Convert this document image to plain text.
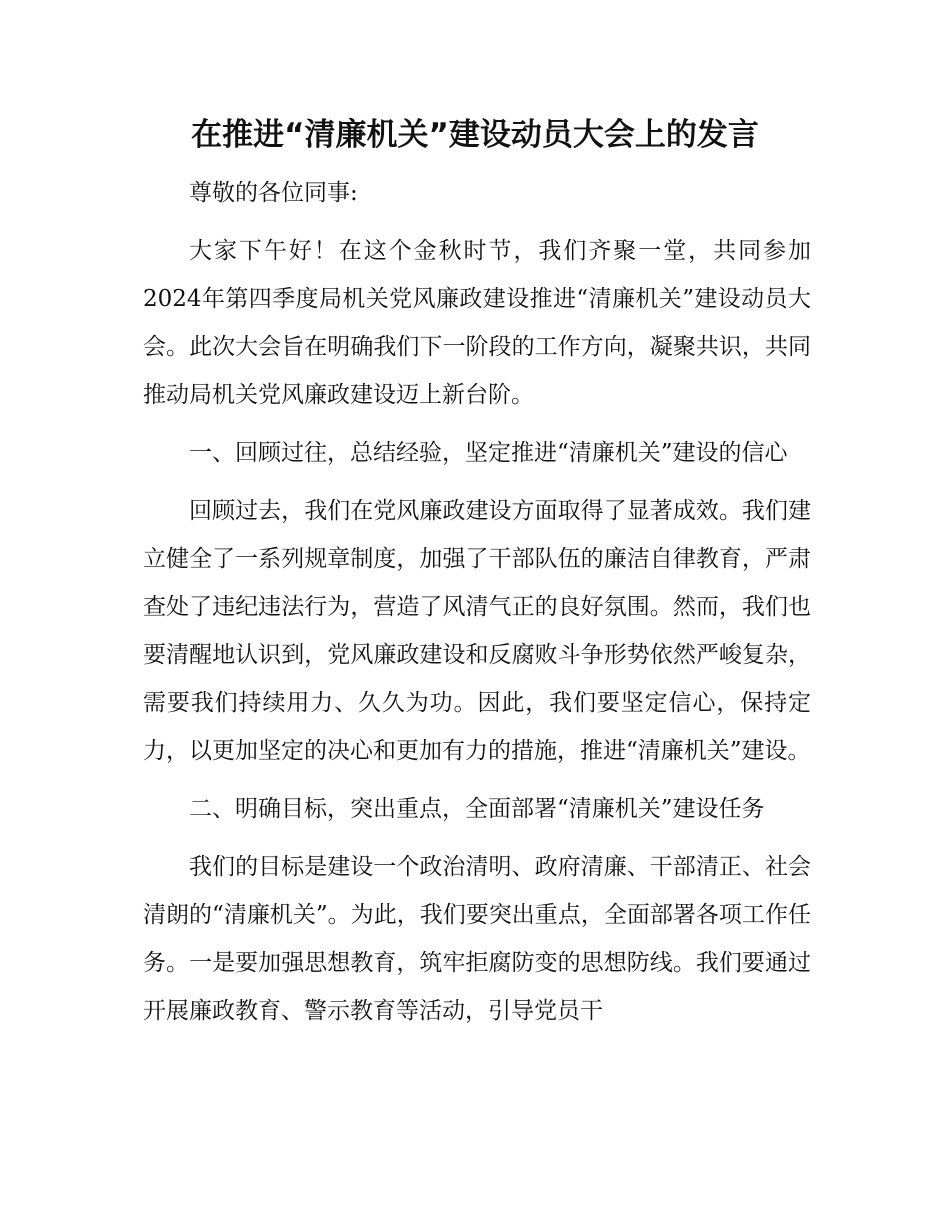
在推进“清廉机关”建设动员大会上的发言

尊敬的各位同事:

大家下午好！在这个金秋时节，我们齐聚一堂，共同参加2024年第四季度局机关党风廉政建设推进“清廉机关”建设动员大会。此次大会旨在明确我们下一阶段的工作方向，凝聚共识，共同推动局机关党风廉政建设迈上新台阶。

一、回顾过往，总结经验，坚定推进“清廉机关”建设的信心

回顾过去，我们在党风廉政建设方面取得了显著成效。我们建立健全了一系列规章制度，加强了干部队伍的廉洁自律教育，严肃查处了违纪违法行为，营造了风清气正的良好氛围。然而，我们也要清醒地认识到，党风廉政建设和反腐败斗争形势依然严峻复杂，需要我们持续用力、久久为功。因此，我们要坚定信心，保持定力，以更加坚定的决心和更加有力的措施，推进“清廉机关”建设。

二、明确目标，突出重点，全面部署“清廉机关”建设任务

我们的目标是建设一个政治清明、政府清廉、干部清正、社会清朗的“清廉机关”。为此，我们要突出重点，全面部署各项工作任务。一是要加强思想教育，筑牢拒腐防变的思想防线。我们要通过开展廉政教育、警示教育等活动，引导党员干
